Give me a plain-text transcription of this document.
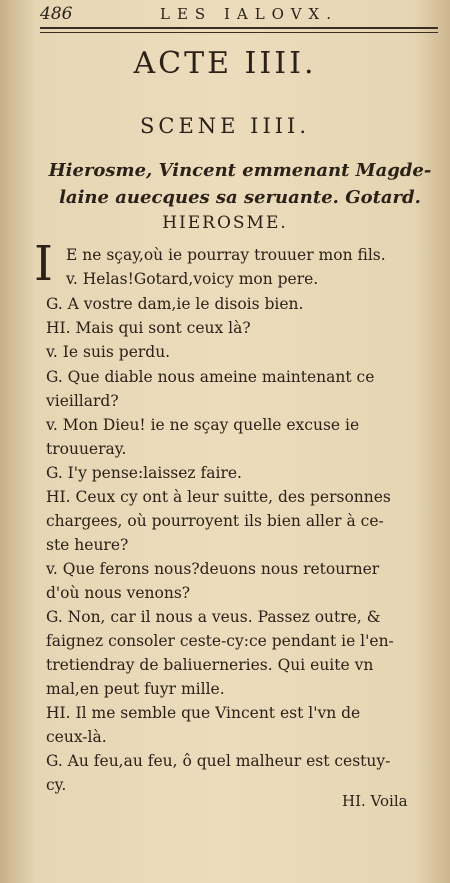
486	LES IALOVX.
ACTE IIII.
SCENE IIII.
Hierosme, Vincent emmenant Magde-
laine auecques sa seruante. Gotard.
HIEROSME.
I E ne sçay,où ie pourray trouuer mon fils.
v. Helas!Gotard,voicy mon pere.
G. A vostre dam,ie le disois bien.
HI. Mais qui sont ceux là?
v. Ie suis perdu.
G. Que diable nous ameine maintenant ce
vieillard?
v. Mon Dieu! ie ne sçay quelle excuse ie
trouueray.
G. I'y pense:laissez faire.
HI. Ceux cy ont à leur suitte, des personnes
chargees, où pourroyent ils bien aller à ce-
ste heure?
v. Que ferons nous?deuons nous retourner
d'où nous venons?
G. Non, car il nous a veus. Passez outre, &
faignez consoler ceste-cy:ce pendant ie l'en-
tretiendray de baliuerneries. Qui euite vn
mal,en peut fuyr mille.
HI. Il me semble que Vincent est l'vn de
ceux-là.
G. Au feu,au feu, ô quel malheur est cestuy-
cy.
HI. Voila
